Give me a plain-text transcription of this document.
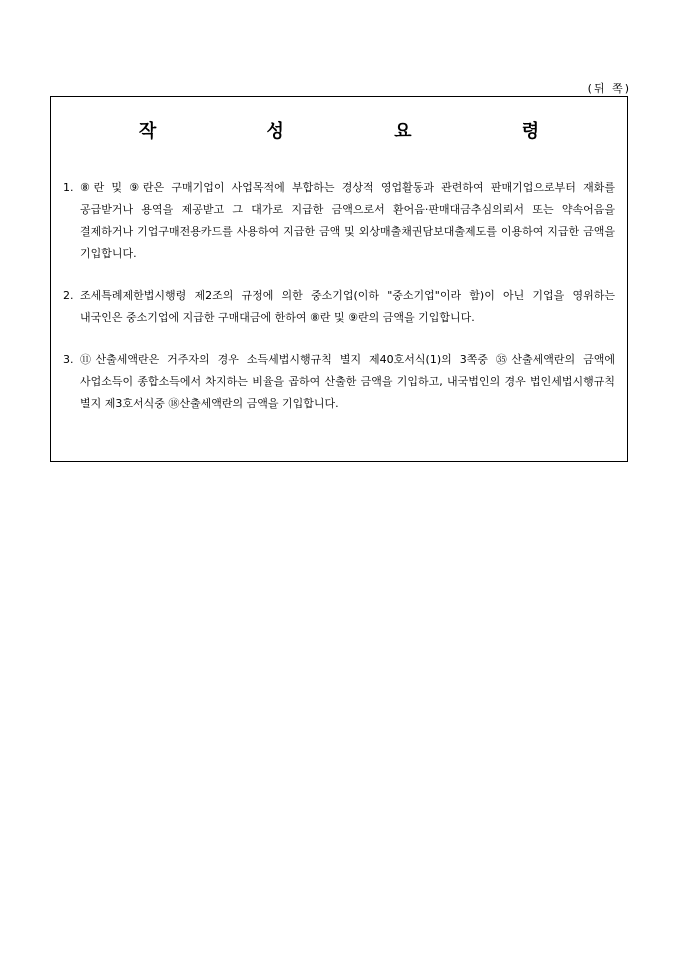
(뒤 쪽)
작 성 요 령
1. ⑧란 및 ⑨란은 구매기업이 사업목적에 부합하는 경상적 영업활동과 관련하여 판매기업으로부터 재화를 공급받거나 용역을 제공받고 그 대가로 지급한 금액으로서 환어음·판매대금추심의뢰서 또는 약속어음을 결제하거나 기업구매전용카드를 사용하여 지급한 금액 및 외상매출채권담보대출제도를 이용하여 지급한 금액을 기입합니다.
2. 조세특례제한법시행령 제2조의 규정에 의한 중소기업(이하 "중소기업"이라 함)이 아닌 기업을 영위하는 내국인은 중소기업에 지급한 구매대금에 한하여 ⑧란 및 ⑨란의 금액을 기입합니다.
3. ⑪산출세액란은 거주자의 경우 소득세법시행규칙 별지 제40호서식(1)의 3쪽중 ㉟산출세액란의 금액에 사업소득이 종합소득에서 차지하는 비율을 곱하여 산출한 금액을 기입하고, 내국법인의 경우 법인세법시행규칙 별지 제3호서식중 ⑱산출세액란의 금액을 기입합니다.
